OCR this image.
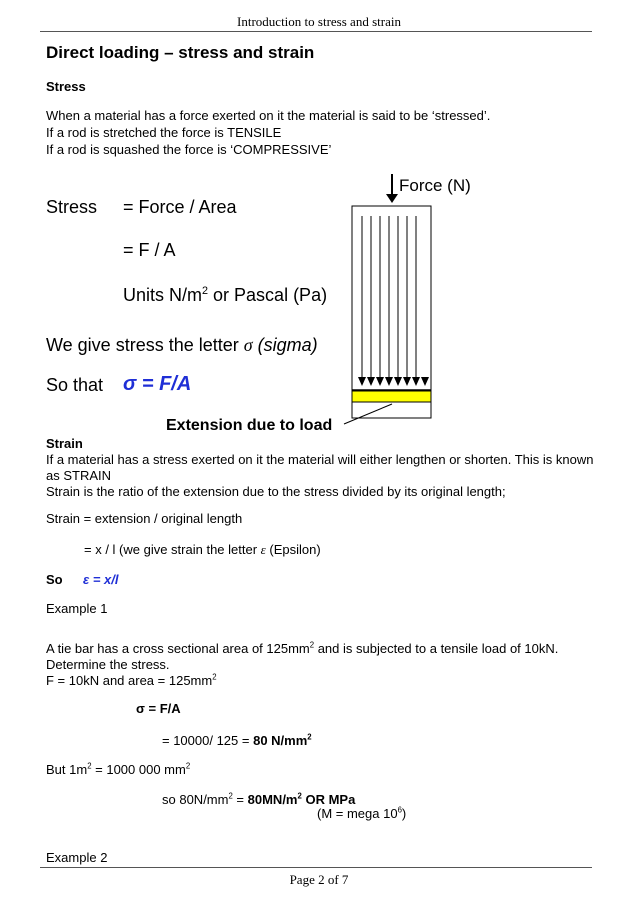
Introduction to stress and strain
Direct loading – stress and strain
Stress
When a material has a force exerted on it the material is said to be ‘stressed’.
If a rod is stretched the force is TENSILE
If a rod is squashed the force is ‘COMPRESSIVE’
Stress = Force / Area
= F / A
Units $N/m^2$ or Pascal (Pa)
We give stress the letter σ (sigma)
So that σ = F/A
Force (N)
Extension due to load
Strain
If a material has a stress exerted on it the material will either lengthen or shorten. This is known
as STRAIN
Strain is the ratio of the extension due to the stress divided by its original length;
Strain = extension / original length
= x / l (we give strain the letter ε (Epsilon)
So ε = x/l
Example 1
A tie bar has a cross sectional area of $125mm^2$ and is subjected to a tensile load of 10kN.
Determine the stress.
F = 10kN and area = $125mm^2$
σ = F/A
= 10000/ 125 = 80 $N/mm^2$
But $1m^2 = 1000$ 000 $mm^2$
so $80N/mm^2 = 80MN/m^2$ OR MPa
(M = mega $10^6$)
Example 2
Page 2 of 7
